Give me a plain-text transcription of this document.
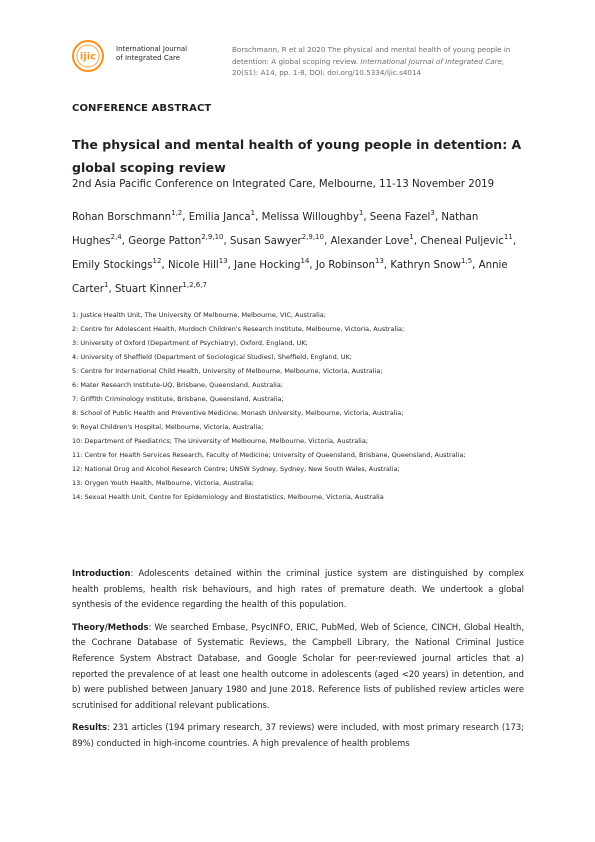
ijic
International Journal
of Integrated Care
Borschmann, R et al 2020 The physical and mental health of young people in detention: A global scoping review. International Journal of Integrated Care, 20(S1): A14, pp. 1-8, DOI: doi.org/10.5334/ijic.s4014
CONFERENCE ABSTRACT
The physical and mental health of young people in detention: A global scoping review
2nd Asia Pacific Conference on Integrated Care, Melbourne, 11-13 November 2019
Rohan Borschmann$^{1,2}$, Emilia Janca$^1$, Melissa Willoughby$^1$, Seena Fazel$^3$, Nathan Hughes$^{2,4}$, George Patton$^{2,9,10}$, Susan Sawyer$^{2,9,10}$, Alexander Love$^1$, Cheneal Puljevic$^{11}$, Emily Stockings$^{12}$, Nicole Hill$^{13}$, Jane Hocking$^{14}$, Jo Robinson$^{13}$, Kathryn Snow$^{1,5}$, Annie Carter$^1$, Stuart Kinner$^{1,2,6,7}$

1: Justice Health Unit, The University Of Melbourne, Melbourne, VIC, Australia;

2: Centre for Adolescent Health, Murdoch Children's Research Institute, Melbourne, Victoria, Australia;

3: University of Oxford (Department of Psychiatry), Oxford, England, UK;

4: University of Sheffield (Department of Sociological Studies), Sheffield, England, UK;

5: Centre for International Child Health, University of Melbourne, Melbourne, Victoria, Australia;

6: Mater Research Institute-UQ, Brisbane, Queensland, Australia;

7: Griffith Criminology Institute, Brisbane, Queensland, Australia;

8: School of Public Health and Preventive Medicine, Monash University, Melbourne, Victoria, Australia;

9: Royal Children's Hospital, Melbourne, Victoria, Australia;

10: Department of Paediatrics; The University of Melbourne, Melbourne, Victoria, Australia;

11: Centre for Health Services Research, Faculty of Medicine; University of Queensland, Brisbane, Queensland, Australia;

12: National Drug and Alcohol Research Centre; UNSW Sydney, Sydney, New South Wales, Australia;

13: Orygen Youth Health, Melbourne, Victoria, Australia;

14: Sexual Health Unit, Centre for Epidemiology and Biostatistics, Melbourne, Victoria, Australia

Introduction: Adolescents detained within the criminal justice system are distinguished by complex health problems, health risk behaviours, and high rates of premature death. We undertook a global synthesis of the evidence regarding the health of this population.

Theory/Methods: We searched Embase, PsycINFO, ERIC, PubMed, Web of Science, CINCH, Global Health, the Cochrane Database of Systematic Reviews, the Campbell Library, the National Criminal Justice Reference System Abstract Database, and Google Scholar for peer-reviewed journal articles that a) reported the prevalence of at least one health outcome in adolescents (aged <20 years) in detention, and b) were published between January 1980 and June 2018. Reference lists of published review articles were scrutinised for additional relevant publications.

Results: 231 articles (194 primary research, 37 reviews) were included, with most primary research (173; 89%) conducted in high-income countries. A high prevalence of health problems
